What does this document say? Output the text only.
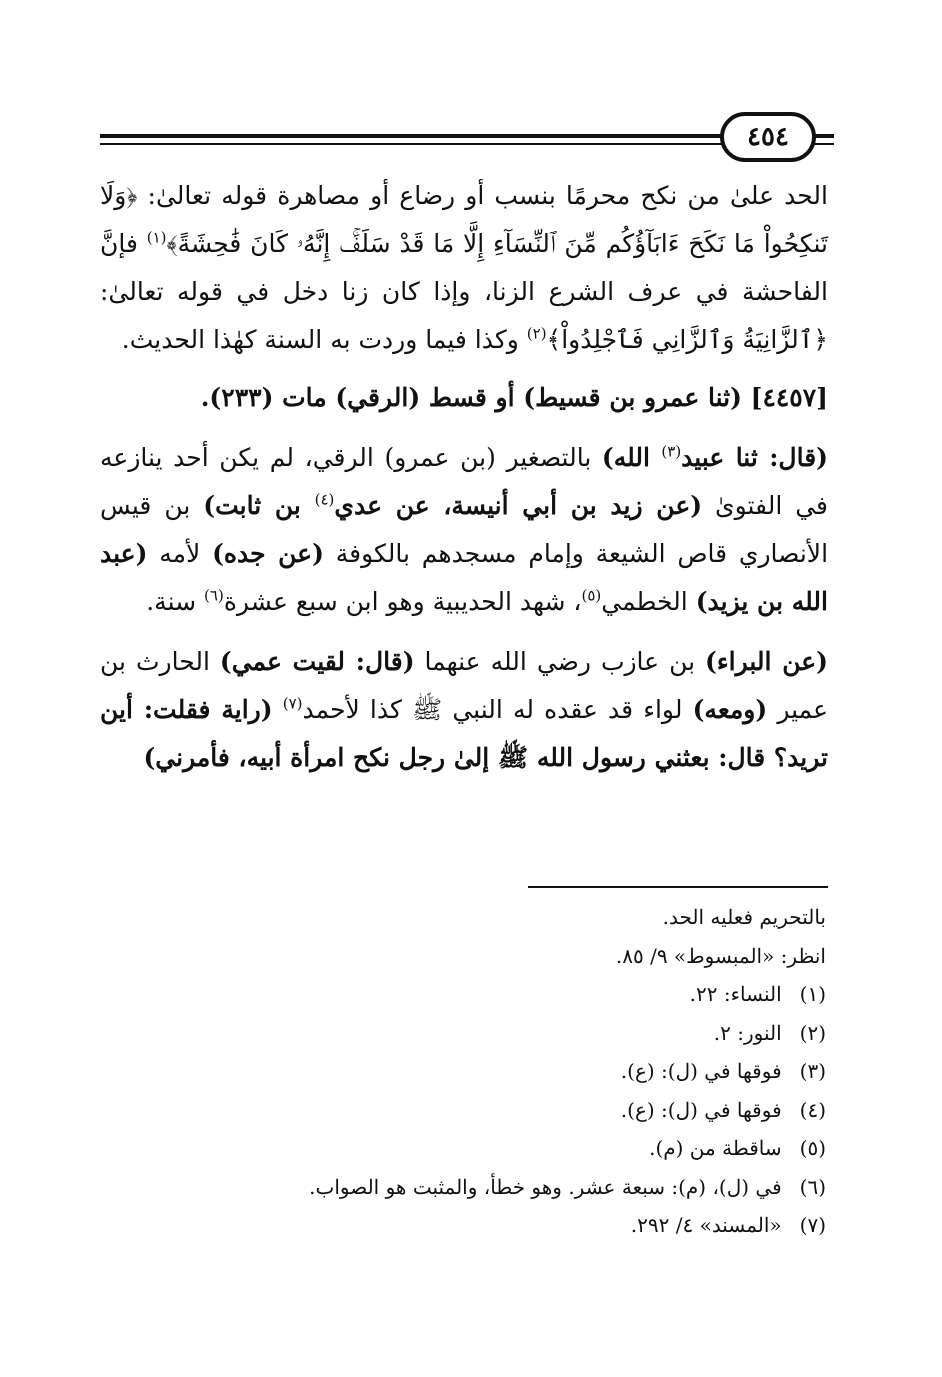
٤٥٤

الحد علىٰ من نكح محرمًا بنسب أو رضاع أو مصاهرة قوله تعالىٰ: ﴿وَلَا تَنكِحُواْ مَا نَكَحَ ءَابَآؤُكُم مِّنَ ٱلنِّسَآءِ إِلَّا مَا قَدْ سَلَفَۚ إِنَّهُۥ كَانَ فَٰحِشَةً﴾$^{(١)}$ فإنَّ الفاحشة في عرف الشرع الزنا، وإذا كان زنا دخل في قوله تعالىٰ: ﴿ٱلزَّانِيَةُ وَٱلزَّانِي فَٱجْلِدُواْ﴾$^{(٢)}$ وكذا فيما وردت به السنة كهٰذا الحديث.

[٤٤٥٧] (ثنا عمرو بن قسيط) أو قسط (الرقي) مات (٢٣٣).

(قال: ثنا عبيد$^{(٣)}$ الله) بالتصغير (بن عمرو) الرقي، لم يكن أحد ينازعه في الفتوىٰ (عن زيد بن أبي أنيسة، عن عدي$^{(٤)}$ بن ثابت) بن قيس الأنصاري قاص الشيعة وإمام مسجدهم بالكوفة (عن جده) لأمه (عبد الله بن يزيد) الخطمي$^{(٥)}$، شهد الحديبية وهو ابن سبع عشرة$^{(٦)}$ سنة.

(عن البراء) بن عازب رضي الله عنهما (قال: لقيت عمي) الحارث بن عمير (ومعه) لواء قد عقده له النبي ﷺ كذا لأحمد$^{(٧)}$ (راية فقلت: أين تريد؟ قال: بعثني رسول الله ﷺ إلىٰ رجل نكح امرأة أبيه، فأمرني)

بالتحريم فعليه الحد.
انظر: «المبسوط» ٩/ ٨٥.
(١) النساء: ٢٢.
(٢) النور: ٢.
(٣) فوقها في (ل): (ع).
(٤) فوقها في (ل): (ع).
(٥) ساقطة من (م).
(٦) في (ل)، (م): سبعة عشر. وهو خطأ، والمثبت هو الصواب.
(٧) «المسند» ٤/ ٢٩٢.
